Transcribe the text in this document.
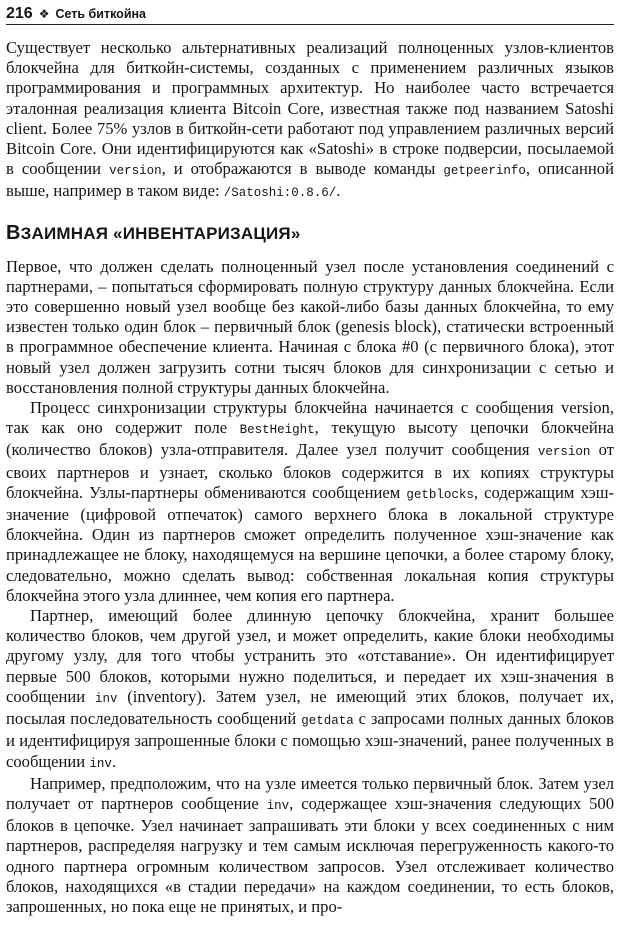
216 ❖ Сеть биткойна

Существует несколько альтернативных реализаций полноценных узлов-клиентов блокчейна для биткойн-системы, созданных с применением различных языков программирования и программных архитектур. Но наиболее часто встречается эталонная реализация клиента Bitcoin Core, известная также под названием Satoshi client. Более 75% узлов в биткойн-сети работают под управлением различных версий Bitcoin Core. Они идентифицируются как «Satoshi» в строке подверсии, посылаемой в сообщении version, и отображаются в выводе команды getpeerinfo, описанной выше, например в таком виде: /Satoshi:0.8.6/.

ВЗАИМНАЯ «ИНВЕНТАРИЗАЦИЯ»

Первое, что должен сделать полноценный узел после установления соединений с партнерами, – попытаться сформировать полную структуру данных блокчейна. Если это совершенно новый узел вообще без какой-либо базы данных блокчейна, то ему известен только один блок – первичный блок (genesis block), статически встроенный в программное обеспечение клиента. Начиная с блока #0 (с первичного блока), этот новый узел должен загрузить сотни тысяч блоков для синхронизации с сетью и восстановления полной структуры данных блокчейна.

Процесс синхронизации структуры блокчейна начинается с сообщения version, так как оно содержит поле BestHeight, текущую высоту цепочки блокчейна (количество блоков) узла-отправителя. Далее узел получит сообщения version от своих партнеров и узнает, сколько блоков содержится в их копиях структуры блокчейна. Узлы-партнеры обмениваются сообщением getblocks, содержащим хэш-значение (цифровой отпечаток) самого верхнего блока в локальной структуре блокчейна. Один из партнеров сможет определить полученное хэш-значение как принадлежащее не блоку, находящемуся на вершине цепочки, а более старому блоку, следовательно, можно сделать вывод: собственная локальная копия структуры блокчейна этого узла длиннее, чем копия его партнера.

Партнер, имеющий более длинную цепочку блокчейна, хранит большее количество блоков, чем другой узел, и может определить, какие блоки необходимы другому узлу, для того чтобы устранить это «отставание». Он идентифицирует первые 500 блоков, которыми нужно поделиться, и передает их хэш-значения в сообщении inv (inventory). Затем узел, не имеющий этих блоков, получает их, посылая последовательность сообщений getdata с запросами полных данных блоков и идентифицируя запрошенные блоки с помощью хэш-значений, ранее полученных в сообщении inv.

Например, предположим, что на узле имеется только первичный блок. Затем узел получает от партнеров сообщение inv, содержащее хэш-значения следующих 500 блоков в цепочке. Узел начинает запрашивать эти блоки у всех соединенных с ним партнеров, распределяя нагрузку и тем самым исключая перегруженность какого-то одного партнера огромным количеством запросов. Узел отслеживает количество блоков, находящихся «в стадии передачи» на каждом соединении, то есть блоков, запрошенных, но пока еще не принятых, и про-
